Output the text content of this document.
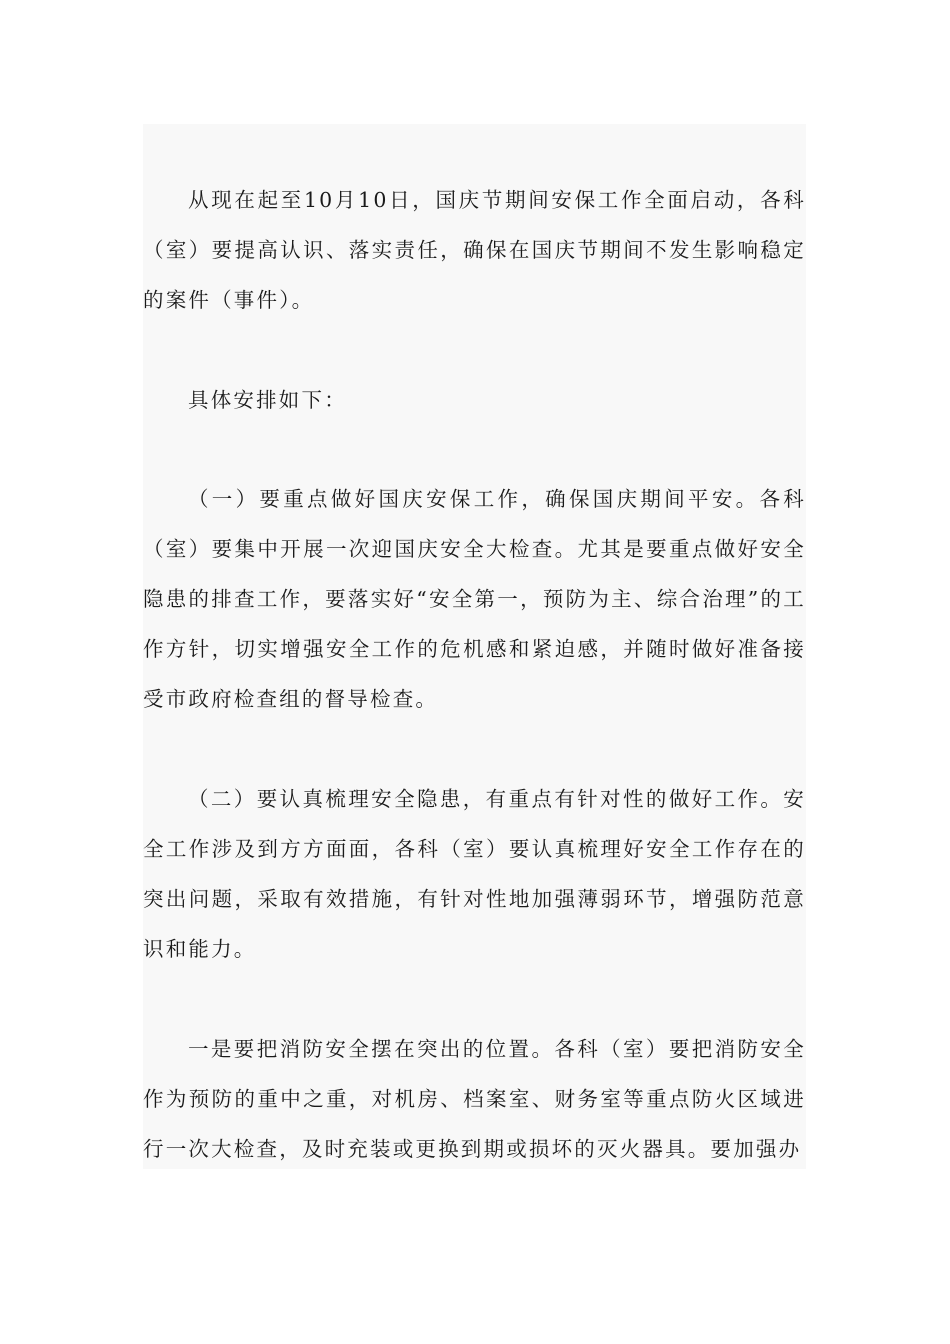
从现在起至10月10日，国庆节期间安保工作全面启动，各科（室）要提高认识、落实责任，确保在国庆节期间不发生影响稳定的案件（事件）。

具体安排如下：

（一）要重点做好国庆安保工作，确保国庆期间平安。各科（室）要集中开展一次迎国庆安全大检查。尤其是要重点做好安全隐患的排查工作，要落实好“安全第一，预防为主、综合治理”的工作方针，切实增强安全工作的危机感和紧迫感，并随时做好准备接受市政府检查组的督导检查。

（二）要认真梳理安全隐患，有重点有针对性的做好工作。安全工作涉及到方方面面，各科（室）要认真梳理好安全工作存在的突出问题，采取有效措施，有针对性地加强薄弱环节，增强防范意识和能力。

一是要把消防安全摆在突出的位置。各科（室）要把消防安全作为预防的重中之重，对机房、档案室、财务室等重点防火区域进行一次大检查，及时充装或更换到期或损坏的灭火器具。要加强办
